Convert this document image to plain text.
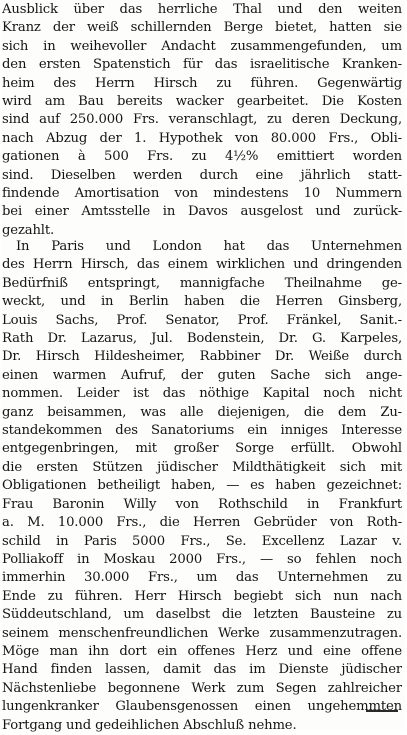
Ausblick über das herrliche Thal und den weiten
Kranz der weiß schillernden Berge bietet, hatten sie
sich in weihevoller Andacht zusammengefunden, um
den ersten Spatenstich für das israelitische Kranken-
heim des Herrn Hirsch zu führen. Gegenwärtig
wird am Bau bereits wacker gearbeitet. Die Kosten
sind auf 250.000 Frs. veranschlagt, zu deren Deckung,
nach Abzug der 1. Hypothek von 80.000 Frs., Obli-
gationen à 500 Frs. zu 4½% emittiert worden
sind. Dieselben werden durch eine jährlich statt-
findende Amortisation von mindestens 10 Nummern
bei einer Amtsstelle in Davos ausgelost und zurück-
gezahlt.
In Paris und London hat das Unternehmen
des Herrn Hirsch, das einem wirklichen und dringenden
Bedürfniß entspringt, mannigfache Theilnahme ge-
weckt, und in Berlin haben die Herren Ginsberg,
Louis Sachs, Prof. Senator, Prof. Fränkel, Sanit.-
Rath Dr. Lazarus, Jul. Bodenstein, Dr. G. Karpeles,
Dr. Hirsch Hildesheimer, Rabbiner Dr. Weiße durch
einen warmen Aufruf, der guten Sache sich ange-
nommen. Leider ist das nöthige Kapital noch nicht
ganz beisammen, was alle diejenigen, die dem Zu-
standekommen des Sanatoriums ein inniges Interesse
entgegenbringen, mit großer Sorge erfüllt. Obwohl
die ersten Stützen jüdischer Mildthätigkeit sich mit
Obligationen betheiligt haben, — es haben gezeichnet:
Frau Baronin Willy von Rothschild in Frankfurt
a. M. 10.000 Frs., die Herren Gebrüder von Roth-
schild in Paris 5000 Frs., Se. Excellenz Lazar v.
Polliakoff in Moskau 2000 Frs., — so fehlen noch
immerhin 30.000 Frs., um das Unternehmen zu
Ende zu führen. Herr Hirsch begiebt sich nun nach
Süddeutschland, um daselbst die letzten Bausteine zu
seinem menschenfreundlichen Werke zusammenzutragen.
Möge man ihn dort ein offenes Herz und eine offene
Hand finden lassen, damit das im Dienste jüdischer
Nächstenliebe begonnene Werk zum Segen zahlreicher
lungenkranker Glaubensgenossen einen ungehemmten
Fortgang und gedeihlichen Abschluß nehme.
